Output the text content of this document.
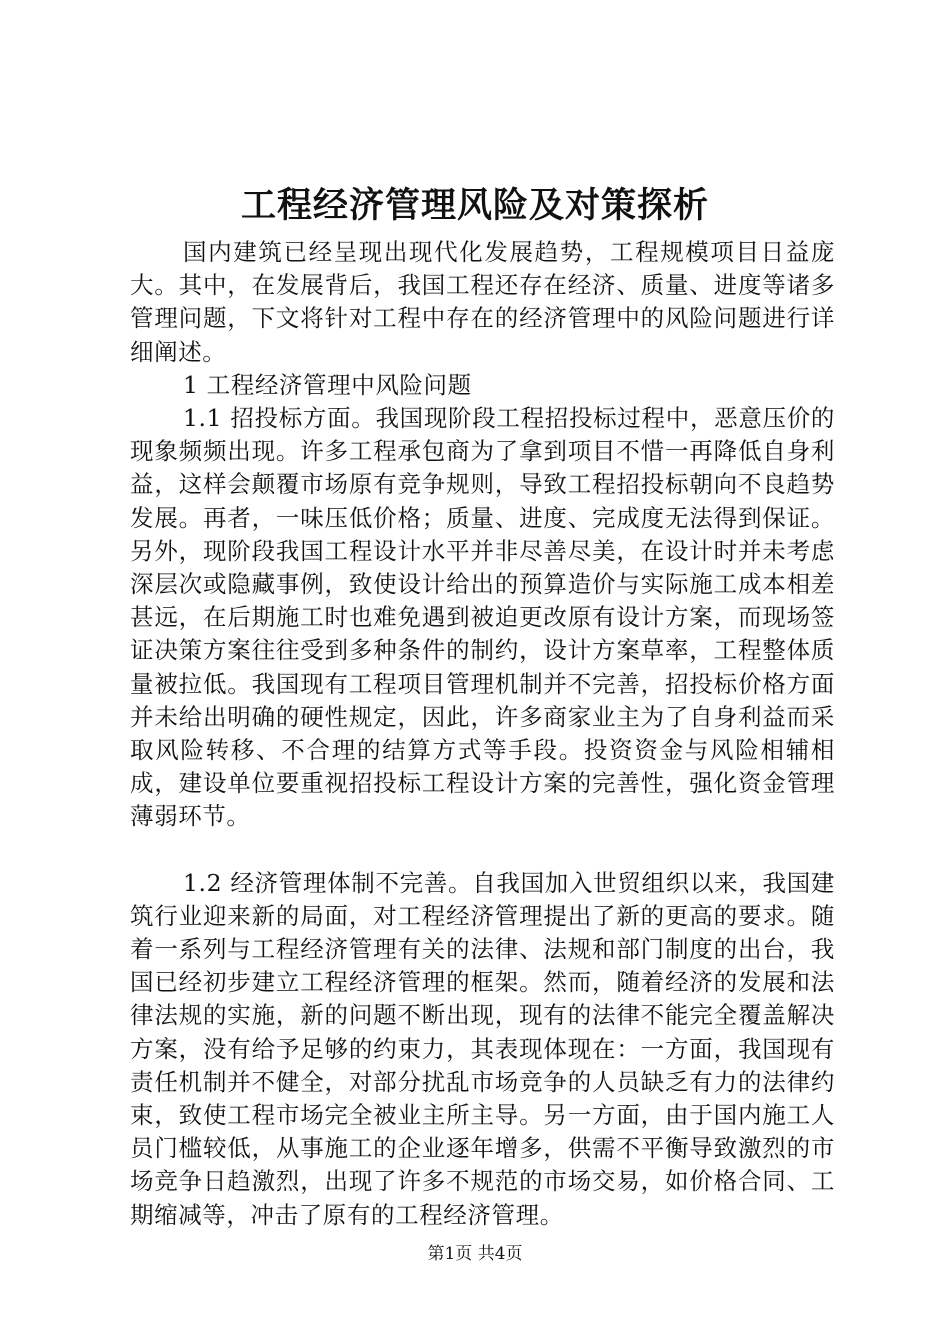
工程经济管理风险及对策探析

国内建筑已经呈现出现代化发展趋势，工程规模项目日益庞大。其中，在发展背后，我国工程还存在经济、质量、进度等诸多管理问题，下文将针对工程中存在的经济管理中的风险问题进行详细阐述。

1 工程经济管理中风险问题

1.1 招投标方面。我国现阶段工程招投标过程中，恶意压价的现象频频出现。许多工程承包商为了拿到项目不惜一再降低自身利益，这样会颠覆市场原有竞争规则，导致工程招投标朝向不良趋势发展。再者，一味压低价格；质量、进度、完成度无法得到保证。另外，现阶段我国工程设计水平并非尽善尽美，在设计时并未考虑深层次或隐藏事例，致使设计给出的预算造价与实际施工成本相差甚远，在后期施工时也难免遇到被迫更改原有设计方案，而现场签证决策方案往往受到多种条件的制约，设计方案草率，工程整体质量被拉低。我国现有工程项目管理机制并不完善，招投标价格方面并未给出明确的硬性规定，因此，许多商家业主为了自身利益而采取风险转移、不合理的结算方式等手段。投资资金与风险相辅相成，建设单位要重视招投标工程设计方案的完善性，强化资金管理薄弱环节。

1.2 经济管理体制不完善。自我国加入世贸组织以来，我国建筑行业迎来新的局面，对工程经济管理提出了新的更高的要求。随着一系列与工程经济管理有关的法律、法规和部门制度的出台，我国已经初步建立工程经济管理的框架。然而，随着经济的发展和法律法规的实施，新的问题不断出现，现有的法律不能完全覆盖解决方案，没有给予足够的约束力，其表现体现在：一方面，我国现有责任机制并不健全，对部分扰乱市场竞争的人员缺乏有力的法律约束，致使工程市场完全被业主所主导。另一方面，由于国内施工人员门槛较低，从事施工的企业逐年增多，供需不平衡导致激烈的市场竞争日趋激烈，出现了许多不规范的市场交易，如价格合同、工期缩减等，冲击了原有的工程经济管理。

第1页 共4页
